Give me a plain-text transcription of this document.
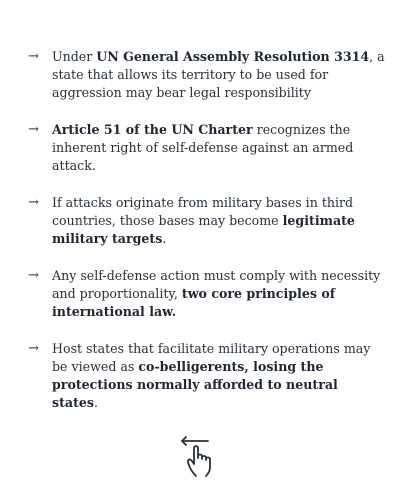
→	Under UN General Assembly Resolution 3314, a state that allows its territory to be used for aggression may bear legal responsibility
→	Article 51 of the UN Charter recognizes the inherent right of self-defense against an armed attack.
→	If attacks originate from military bases in third countries, those bases may become legitimate military targets.
→	Any self-defense action must comply with necessity and proportionality, two core principles of international law.
→	Host states that facilitate military operations may be viewed as co-belligerents, losing the protections normally afforded to neutral states.
